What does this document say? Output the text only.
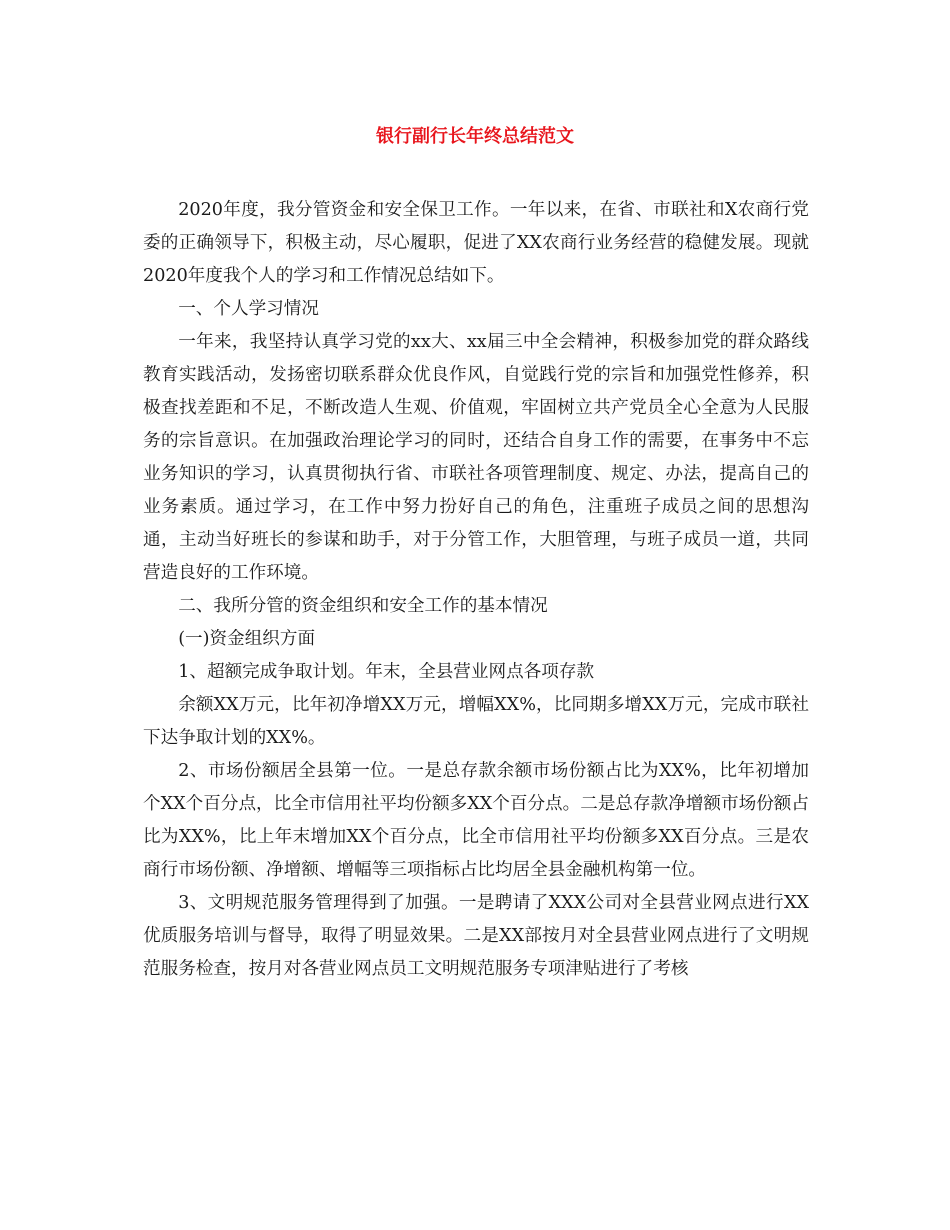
银行副行长年终总结范文

2020年度，我分管资金和安全保卫工作。一年以来，在省、市联社和X农商行党委的正确领导下，积极主动，尽心履职，促进了XX农商行业务经营的稳健发展。现就2020年度我个人的学习和工作情况总结如下。

一、个人学习情况

一年来，我坚持认真学习党的xx大、xx届三中全会精神，积极参加党的群众路线教育实践活动，发扬密切联系群众优良作风，自觉践行党的宗旨和加强党性修养，积极查找差距和不足，不断改造人生观、价值观，牢固树立共产党员全心全意为人民服务的宗旨意识。在加强政治理论学习的同时，还结合自身工作的需要，在事务中不忘业务知识的学习，认真贯彻执行省、市联社各项管理制度、规定、办法，提高自己的业务素质。通过学习，在工作中努力扮好自己的角色，注重班子成员之间的思想沟通，主动当好班长的参谋和助手，对于分管工作，大胆管理，与班子成员一道，共同营造良好的工作环境。

二、我所分管的资金组织和安全工作的基本情况

(一)资金组织方面

1、超额完成争取计划。年末，全县营业网点各项存款

余额XX万元，比年初净增XX万元，增幅XX%，比同期多增XX万元，完成市联社下达争取计划的XX%。

2、市场份额居全县第一位。一是总存款余额市场份额占比为XX%，比年初增加个XX个百分点，比全市信用社平均份额多XX个百分点。二是总存款净增额市场份额占比为XX%，比上年末增加XX个百分点，比全市信用社平均份额多XX百分点。三是农商行市场份额、净增额、增幅等三项指标占比均居全县金融机构第一位。

3、文明规范服务管理得到了加强。一是聘请了XXX公司对全县营业网点进行XX优质服务培训与督导，取得了明显效果。二是XX部按月对全县营业网点进行了文明规范服务检查，按月对各营业网点员工文明规范服务专项津贴进行了考核
